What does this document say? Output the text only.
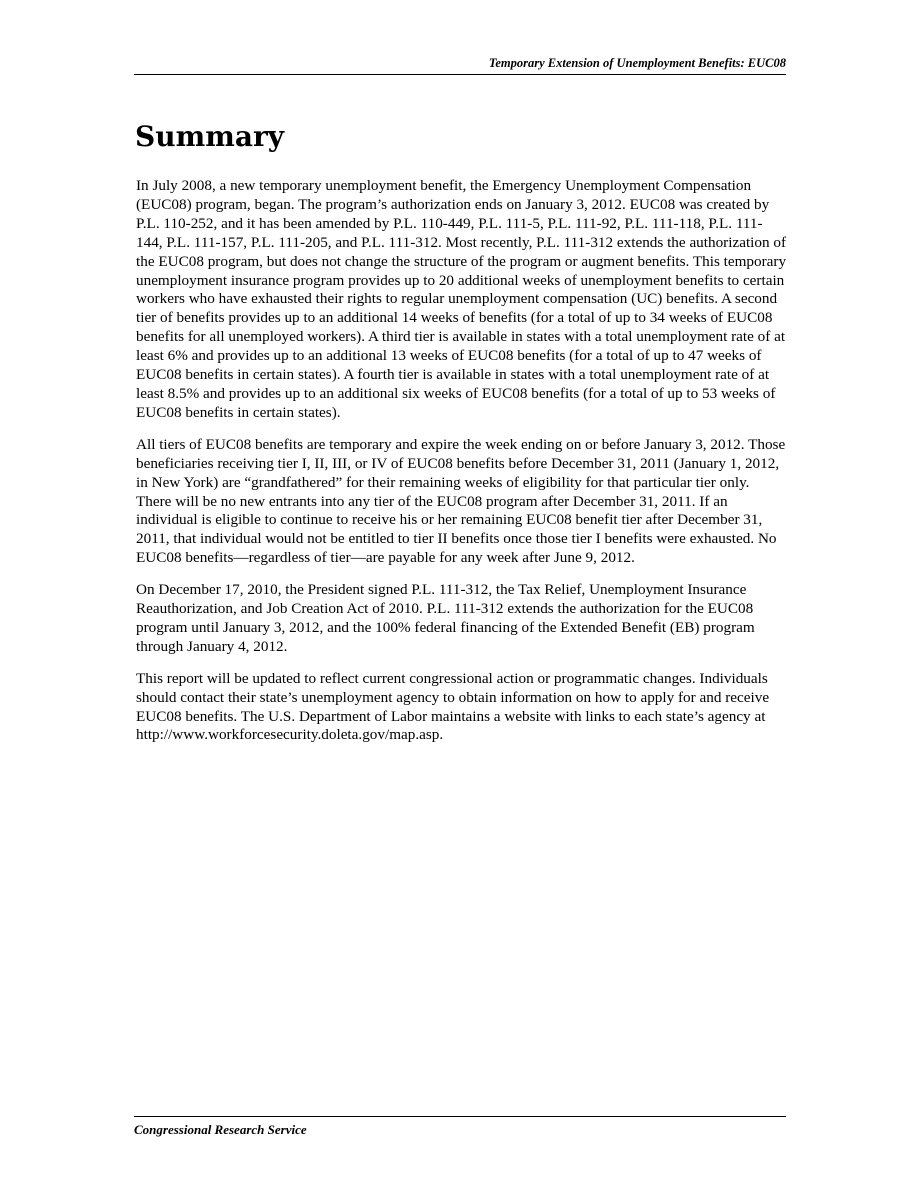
Temporary Extension of Unemployment Benefits: EUC08
Summary

In July 2008, a new temporary unemployment benefit, the Emergency Unemployment Compensation (EUC08) program, began. The program’s authorization ends on January 3, 2012. EUC08 was created by P.L. 110-252, and it has been amended by P.L. 110-449, P.L. 111-5, P.L. 111-92, P.L. 111-118, P.L. 111-144, P.L. 111-157, P.L. 111-205, and P.L. 111-312. Most recently, P.L. 111-312 extends the authorization of the EUC08 program, but does not change the structure of the program or augment benefits. This temporary unemployment insurance program provides up to 20 additional weeks of unemployment benefits to certain workers who have exhausted their rights to regular unemployment compensation (UC) benefits. A second tier of benefits provides up to an additional 14 weeks of benefits (for a total of up to 34 weeks of EUC08 benefits for all unemployed workers). A third tier is available in states with a total unemployment rate of at least 6% and provides up to an additional 13 weeks of EUC08 benefits (for a total of up to 47 weeks of EUC08 benefits in certain states). A fourth tier is available in states with a total unemployment rate of at least 8.5% and provides up to an additional six weeks of EUC08 benefits (for a total of up to 53 weeks of EUC08 benefits in certain states).

All tiers of EUC08 benefits are temporary and expire the week ending on or before January 3, 2012. Those beneficiaries receiving tier I, II, III, or IV of EUC08 benefits before December 31, 2011 (January 1, 2012, in New York) are “grandfathered” for their remaining weeks of eligibility for that particular tier only. There will be no new entrants into any tier of the EUC08 program after December 31, 2011. If an individual is eligible to continue to receive his or her remaining EUC08 benefit tier after December 31, 2011, that individual would not be entitled to tier II benefits once those tier I benefits were exhausted. No EUC08 benefits—regardless of tier—are payable for any week after June 9, 2012.

On December 17, 2010, the President signed P.L. 111-312, the Tax Relief, Unemployment Insurance Reauthorization, and Job Creation Act of 2010. P.L. 111-312 extends the authorization for the EUC08 program until January 3, 2012, and the 100% federal financing of the Extended Benefit (EB) program through January 4, 2012.

This report will be updated to reflect current congressional action or programmatic changes. Individuals should contact their state’s unemployment agency to obtain information on how to apply for and receive EUC08 benefits. The U.S. Department of Labor maintains a website with links to each state’s agency at http://www.workforcesecurity.doleta.gov/map.asp.

Congressional Research Service
